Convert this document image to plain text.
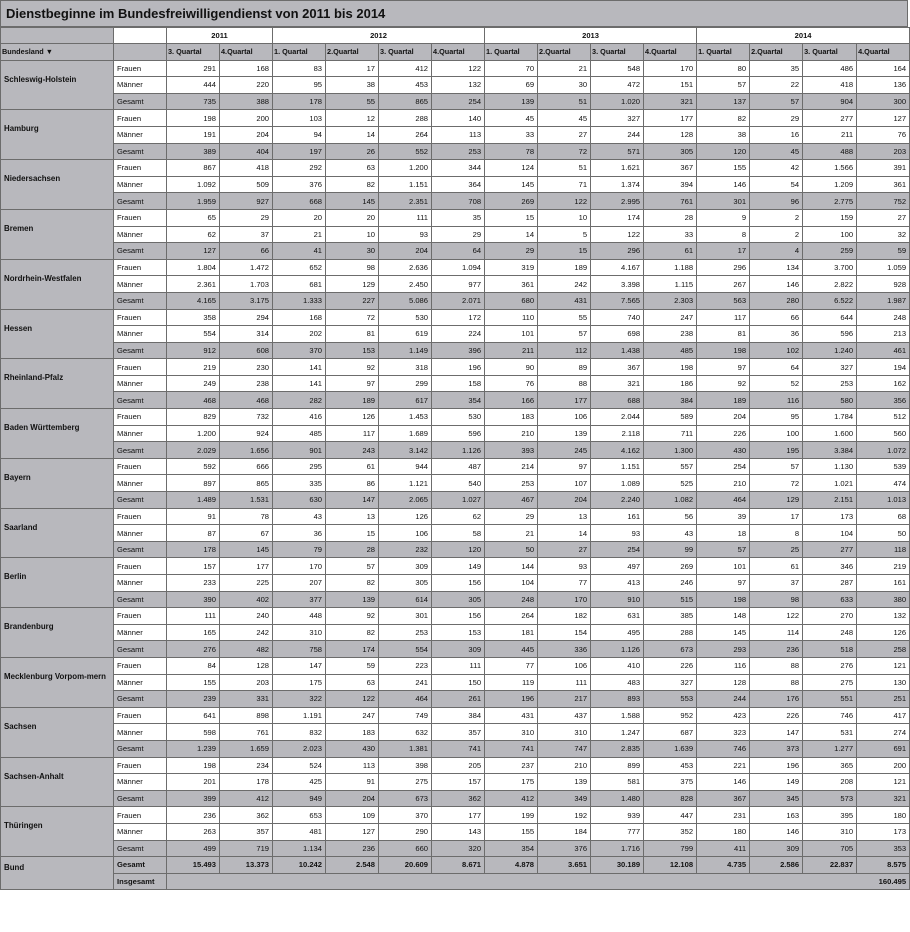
Dienstbeginne im Bundesfreiwilligendienst von 2011 bis 2014
		2011		2012				2013				2014			
Bundesland ▼		3. Quartal	4.Quartal	1. Quartal	2.Quartal	3. Quartal	4.Quartal	1. Quartal	2.Quartal	3. Quartal	4.Quartal	1. Quartal	2.Quartal	3. Quartal	4.Quartal
Schleswig-Holstein	Frauen	291	168	83	17	412	122	70	21	548	170	80	35	486	164
	Männer	444	220	95	38	453	132	69	30	472	151	57	22	418	136
	Gesamt	735	388	178	55	865	254	139	51	1.020	321	137	57	904	300
Hamburg	Frauen	198	200	103	12	288	140	45	45	327	177	82	29	277	127
	Männer	191	204	94	14	264	113	33	27	244	128	38	16	211	76
	Gesamt	389	404	197	26	552	253	78	72	571	305	120	45	488	203
Niedersachsen	Frauen	867	418	292	63	1.200	344	124	51	1.621	367	155	42	1.566	391
	Männer	1.092	509	376	82	1.151	364	145	71	1.374	394	146	54	1.209	361
	Gesamt	1.959	927	668	145	2.351	708	269	122	2.995	761	301	96	2.775	752
Bremen	Frauen	65	29	20	20	111	35	15	10	174	28	9	2	159	27
	Männer	62	37	21	10	93	29	14	5	122	33	8	2	100	32
	Gesamt	127	66	41	30	204	64	29	15	296	61	17	4	259	59
Nordrhein-Westfalen	Frauen	1.804	1.472	652	98	2.636	1.094	319	189	4.167	1.188	296	134	3.700	1.059
	Männer	2.361	1.703	681	129	2.450	977	361	242	3.398	1.115	267	146	2.822	928
	Gesamt	4.165	3.175	1.333	227	5.086	2.071	680	431	7.565	2.303	563	280	6.522	1.987
Hessen	Frauen	358	294	168	72	530	172	110	55	740	247	117	66	644	248
	Männer	554	314	202	81	619	224	101	57	698	238	81	36	596	213
	Gesamt	912	608	370	153	1.149	396	211	112	1.438	485	198	102	1.240	461
Rheinland-Pfalz	Frauen	219	230	141	92	318	196	90	89	367	198	97	64	327	194
	Männer	249	238	141	97	299	158	76	88	321	186	92	52	253	162
	Gesamt	468	468	282	189	617	354	166	177	688	384	189	116	580	356
Baden Württemberg	Frauen	829	732	416	126	1.453	530	183	106	2.044	589	204	95	1.784	512
	Männer	1.200	924	485	117	1.689	596	210	139	2.118	711	226	100	1.600	560
	Gesamt	2.029	1.656	901	243	3.142	1.126	393	245	4.162	1.300	430	195	3.384	1.072
Bayern	Frauen	592	666	295	61	944	487	214	97	1.151	557	254	57	1.130	539
	Männer	897	865	335	86	1.121	540	253	107	1.089	525	210	72	1.021	474
	Gesamt	1.489	1.531	630	147	2.065	1.027	467	204	2.240	1.082	464	129	2.151	1.013
Saarland	Frauen	91	78	43	13	126	62	29	13	161	56	39	17	173	68
	Männer	87	67	36	15	106	58	21	14	93	43	18	8	104	50
	Gesamt	178	145	79	28	232	120	50	27	254	99	57	25	277	118
Berlin	Frauen	157	177	170	57	309	149	144	93	497	269	101	61	346	219
	Männer	233	225	207	82	305	156	104	77	413	246	97	37	287	161
	Gesamt	390	402	377	139	614	305	248	170	910	515	198	98	633	380
Brandenburg	Frauen	111	240	448	92	301	156	264	182	631	385	148	122	270	132
	Männer	165	242	310	82	253	153	181	154	495	288	145	114	248	126
	Gesamt	276	482	758	174	554	309	445	336	1.126	673	293	236	518	258
Mecklenburg Vorpom-mern	Frauen	84	128	147	59	223	111	77	106	410	226	116	88	276	121
	Männer	155	203	175	63	241	150	119	111	483	327	128	88	275	130
	Gesamt	239	331	322	122	464	261	196	217	893	553	244	176	551	251
Sachsen	Frauen	641	898	1.191	247	749	384	431	437	1.588	952	423	226	746	417
	Männer	598	761	832	183	632	357	310	310	1.247	687	323	147	531	274
	Gesamt	1.239	1.659	2.023	430	1.381	741	741	747	2.835	1.639	746	373	1.277	691
Sachsen-Anhalt	Frauen	198	234	524	113	398	205	237	210	899	453	221	196	365	200
	Männer	201	178	425	91	275	157	175	139	581	375	146	149	208	121
	Gesamt	399	412	949	204	673	362	412	349	1.480	828	367	345	573	321
Thüringen	Frauen	236	362	653	109	370	177	199	192	939	447	231	163	395	180
	Männer	263	357	481	127	290	143	155	184	777	352	180	146	310	173
	Gesamt	499	719	1.134	236	660	320	354	376	1.716	799	411	309	705	353
Bund	Gesamt	15.493	13.373	10.242	2.548	20.609	8.671	4.878	3.651	30.189	12.108	4.735	2.586	22.837	8.575
	Insgesamt	160.495													
